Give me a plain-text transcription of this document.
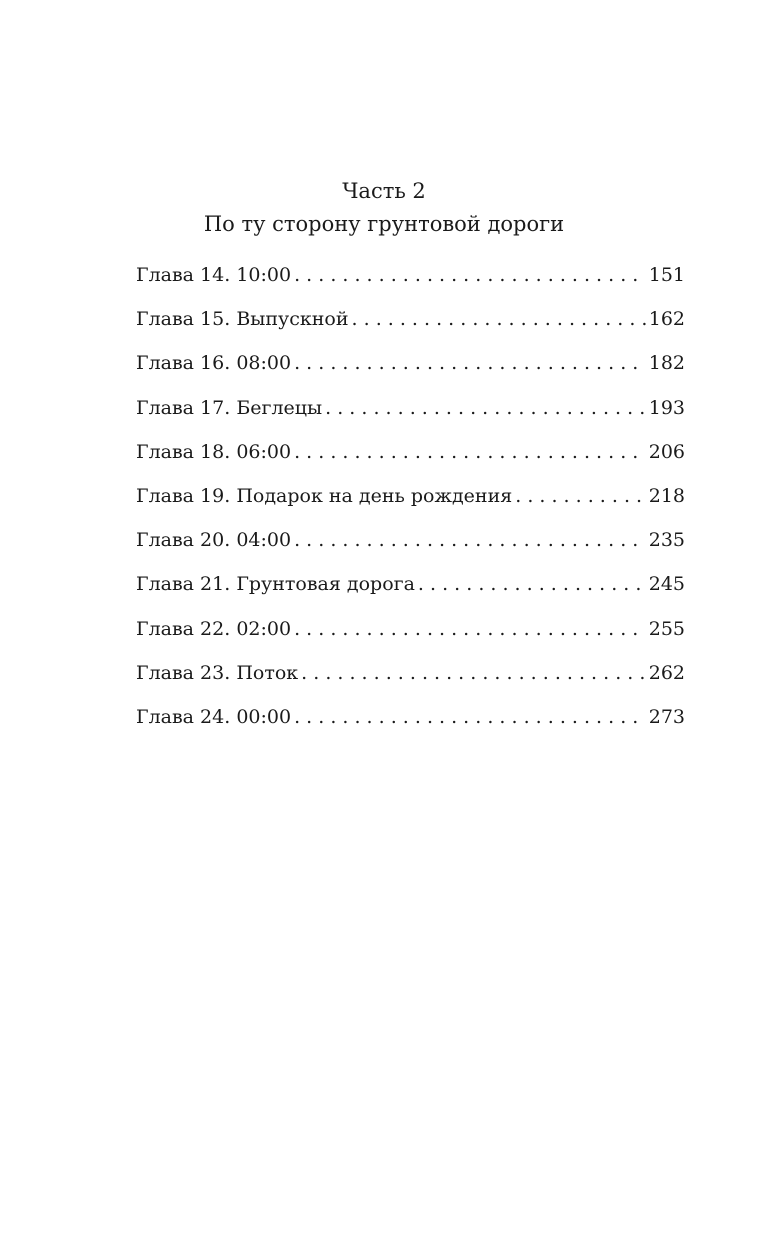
Часть 2
По ту сторону грунтовой дороги
Глава 14. 10:00 . . .	151
Глава 15. Выпускной . . .	162
Глава 16. 08:00 . . .	182
Глава 17. Беглецы . . .	193
Глава 18. 06:00 . . .	206
Глава 19. Подарок на день рождения . . .	218
Глава 20. 04:00 . . .	235
Глава 21. Грунтовая дорога . . .	245
Глава 22. 02:00 . . .	255
Глава 23. Поток . . .	262
Глава 24. 00:00 . . .	273
